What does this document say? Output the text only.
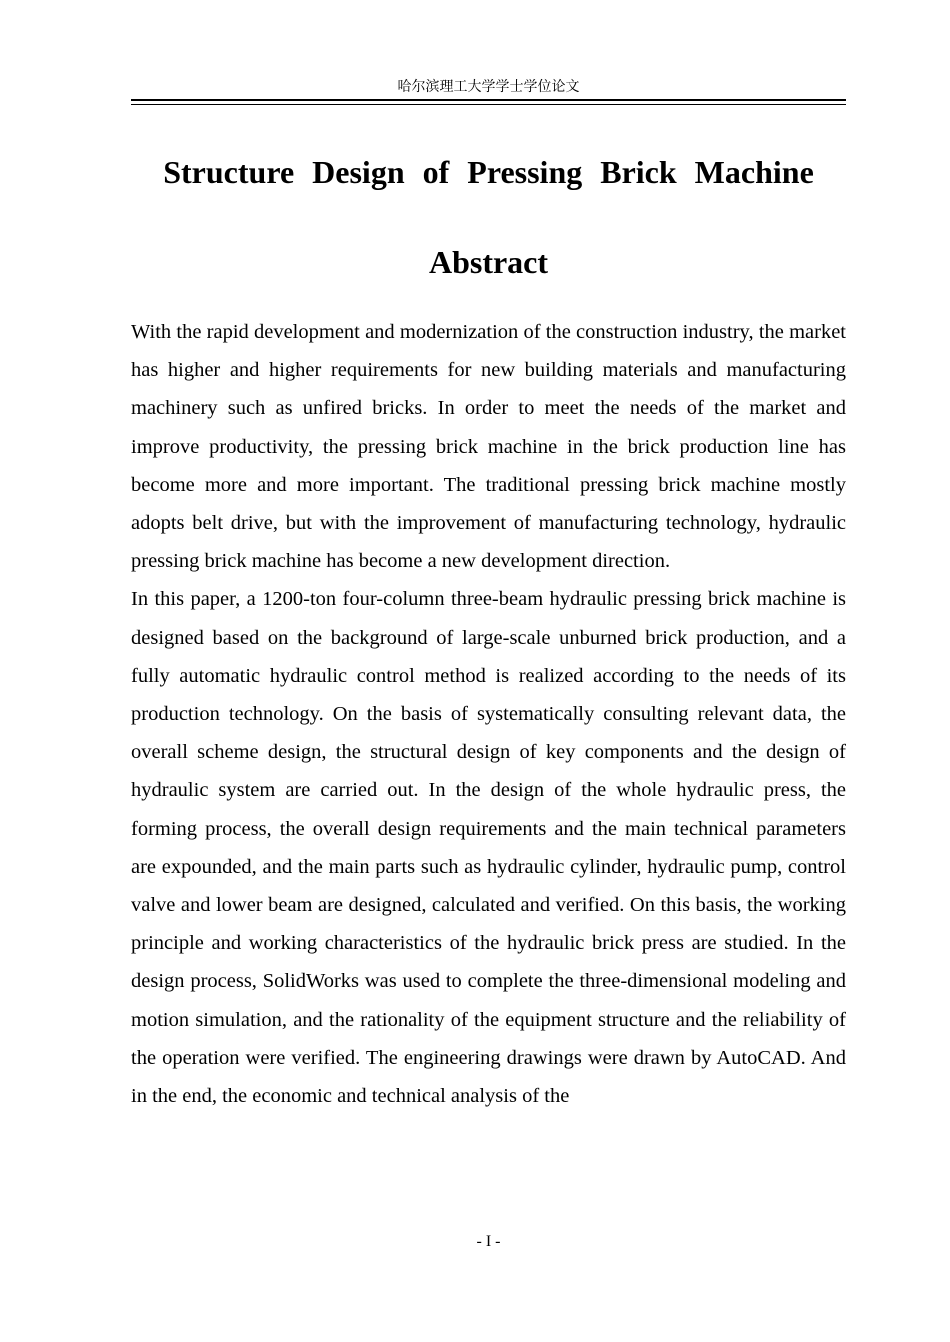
哈尔滨理工大学学士学位论文
Structure Design of Pressing Brick Machine
Abstract

With the rapid development and modernization of the construction industry, the market has higher and higher requirements for new building materials and manufacturing machinery such as unfired bricks. In order to meet the needs of the market and improve productivity, the pressing brick machine in the brick production line has become more and more important. The traditional pressing brick machine mostly adopts belt drive, but with the improvement of manufacturing technology, hydraulic pressing brick machine has become a new development direction.

In this paper, a 1200-ton four-column three-beam hydraulic pressing brick machine is designed based on the background of large-scale unburned brick production, and a fully automatic hydraulic control method is realized according to the needs of its production technology. On the basis of systematically consulting relevant data, the overall scheme design, the structural design of key components and the design of hydraulic system are carried out. In the design of the whole hydraulic press, the forming process, the overall design requirements and the main technical parameters are expounded, and the main parts such as hydraulic cylinder, hydraulic pump, control valve and lower beam are designed, calculated and verified. On this basis, the working principle and working characteristics of the hydraulic brick press are studied. In the design process, SolidWorks was used to complete the three-dimensional modeling and motion simulation, and the rationality of the equipment structure and the reliability of the operation were verified. The engineering drawings were drawn by AutoCAD. And in the end, the economic and technical analysis of the

- I -
